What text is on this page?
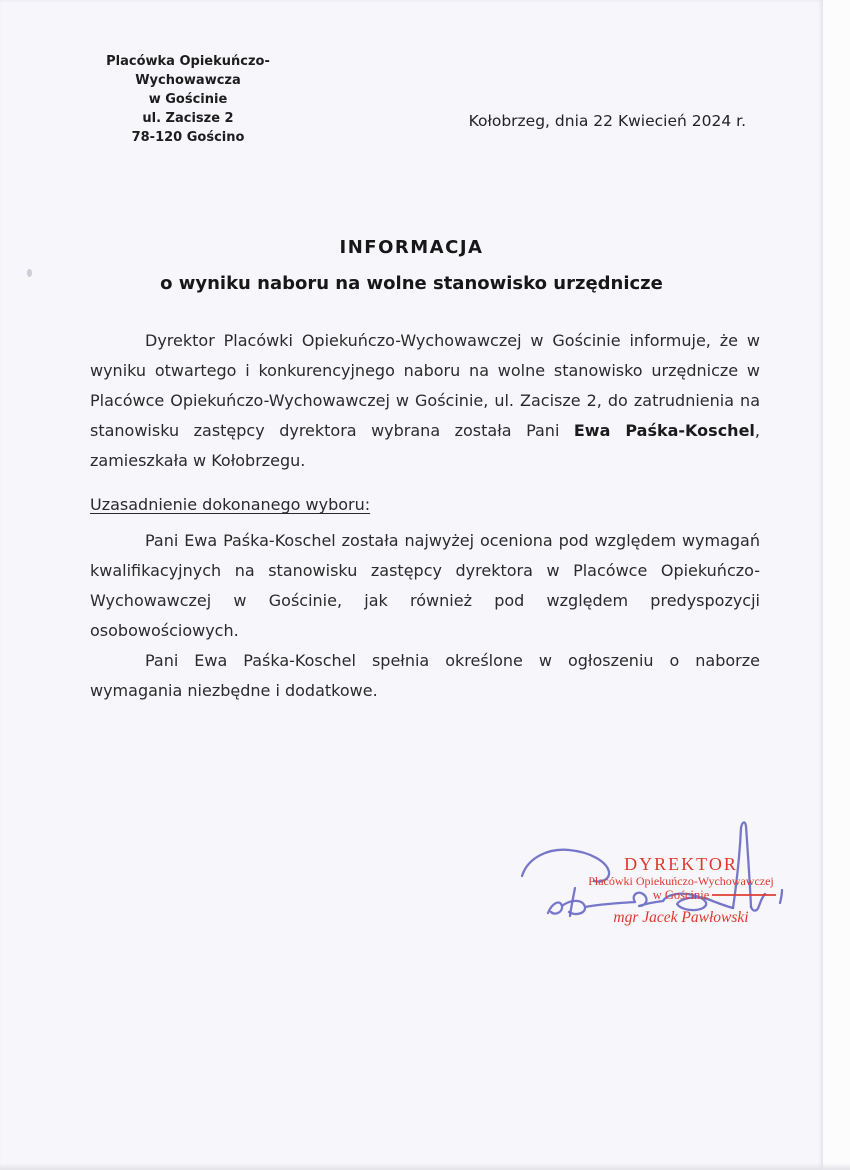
Placówka Opiekuńczo-Wychowawcza
w Gościnie
ul. Zacisze 2
78-120 Gościno
Kołobrzeg, dnia 22 Kwiecień 2024 r.
INFORMACJA
o wyniku naboru na wolne stanowisko urzędnicze

Dyrektor Placówki Opiekuńczo-Wychowawczej w Gościnie informuje, że w wyniku otwartego i konkurencyjnego naboru na wolne stanowisko urzędnicze w Placówce Opiekuńczo-Wychowawczej w Gościnie, ul. Zacisze 2, do zatrudnienia na stanowisku zastępcy dyrektora wybrana została Pani Ewa Paśka-Koschel, zamieszkała w Kołobrzegu.

Uzasadnienie dokonanego wyboru:

Pani Ewa Paśka-Koschel została najwyżej oceniona pod względem wymagań kwalifikacyjnych na stanowisku zastępcy dyrektora w Placówce Opiekuńczo-Wychowawczej w Gościnie, jak również pod względem predyspozycji osobowościowych.

Pani Ewa Paśka-Koschel spełnia określone w ogłoszeniu o naborze wymagania niezbędne i dodatkowe.

DYREKTOR
Placówki Opiekuńczo-Wychowawczej
w Gościnie
mgr Jacek Pawłowski
